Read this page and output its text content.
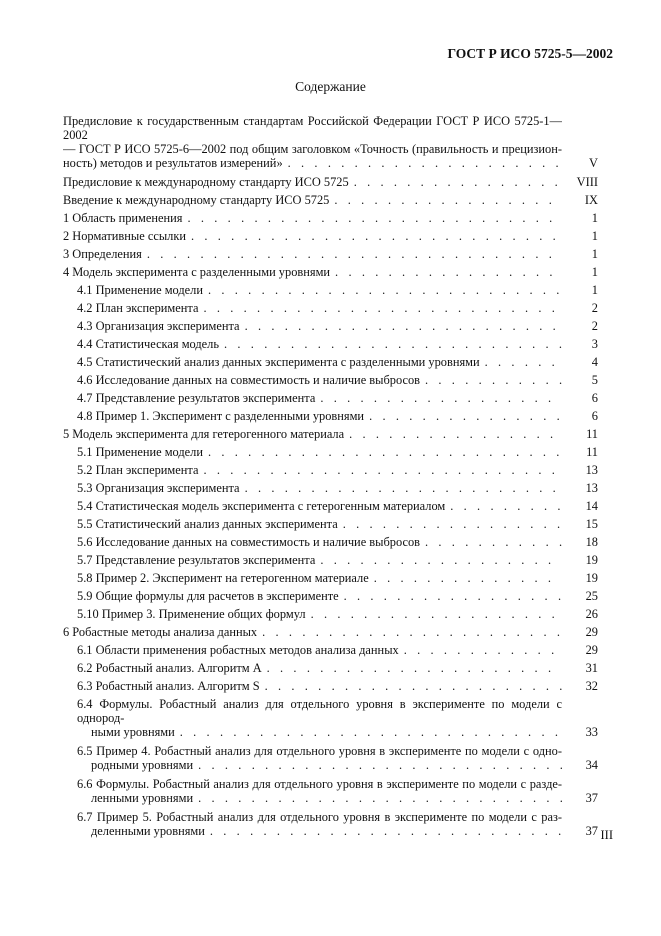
ГОСТ Р ИСО 5725-5—2002
Содержание
Предисловие к государственным стандартам Российской Федерации ГОСТ Р ИСО 5725-1—2002
— ГОСТ Р ИСО 5725-6—2002 под общим заголовком «Точность (правильность и прецизион-
ность) методов и результатов измерений» . . .	V
Предисловие к международному стандарту ИСО 5725 . . .	VIII
Введение к международному стандарту ИСО 5725 . . .	IX
1 Область применения . . .	1
2 Нормативные ссылки . . .	1
3 Определения . . .	1
4 Модель эксперимента с разделенными уровнями . . .	1
4.1 Применение модели . . .	1
4.2 План эксперимента . . .	2
4.3 Организация эксперимента . . .	2
4.4 Статистическая модель . . .	3
4.5 Статистический анализ данных эксперимента с разделенными уровнями . . .	4
4.6 Исследование данных на совместимость и наличие выбросов . . .	5
4.7 Представление результатов эксперимента . . .	6
4.8 Пример 1. Эксперимент с разделенными уровнями . . .	6
5 Модель эксперимента для гетерогенного материала . . .	11
5.1 Применение модели . . .	11
5.2 План эксперимента . . .	13
5.3 Организация эксперимента . . .	13
5.4 Статистическая модель эксперимента с гетерогенным материалом . . .	14
5.5 Статистический анализ данных эксперимента . . .	15
5.6 Исследование данных на совместимость и наличие выбросов . . .	18
5.7 Представление результатов эксперимента . . .	19
5.8 Пример 2. Эксперимент на гетерогенном материале . . .	19
5.9 Общие формулы для расчетов в эксперименте . . .	25
5.10 Пример 3. Применение общих формул . . .	26
6 Робастные методы анализа данных . . .	29
6.1 Области применения робастных методов анализа данных . . .	29
6.2 Робастный анализ. Алгоритм А . . .	31
6.3 Робастный анализ. Алгоритм S . . .	32
6.4 Формулы. Робастный анализ для отдельного уровня в эксперименте по модели с однород-
ными уровнями . . .	33
6.5 Пример 4. Робастный анализ для отдельного уровня в эксперименте по модели с одно-
родными уровнями . . .	34
6.6 Формулы. Робастный анализ для отдельного уровня в эксперименте по модели с разде-
ленными уровнями . . .	37
6.7 Пример 5. Робастный анализ для отдельного уровня в эксперименте по модели с раз-
деленными уровнями . . .	37 III
